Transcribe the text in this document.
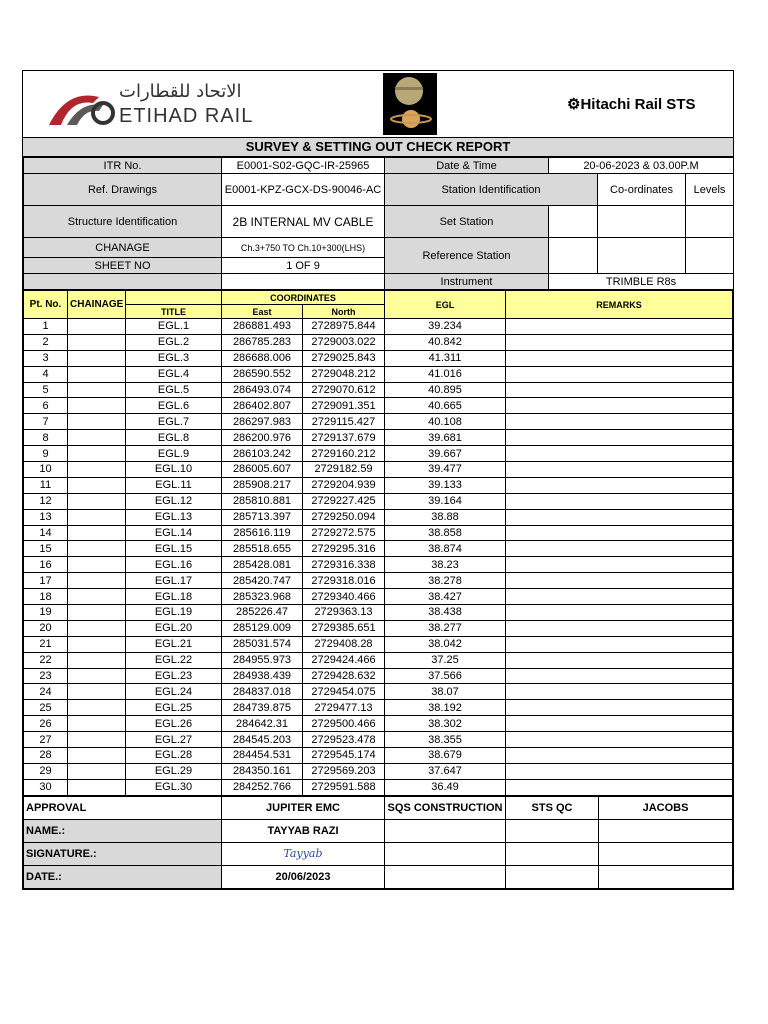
الاتحاد للقطارات
ETIHAD RAIL
⚙Hitachi Rail STS
SURVEY & SETTING OUT CHECK REPORT
ITR No.	E0001-S02-GQC-IR-25965	Date & Time	20-06-2023 & 03.00P.M		
Ref. Drawings	E0001-KPZ-GCX-DS-90046-AC	Station Identification		Co-ordinates	Levels
Structure Identification	2B INTERNAL MV CABLE	Set Station			
CHANAGE	Ch.3+750 TO Ch.10+300(LHS)	Reference Station			
SHEET NO	1 OF 9				
		Instrument	TRIMBLE R8s		
Pt. No.	CHAINAGE		COORDINATES		EGL	REMARKS
		TITLE	East	North		
1		EGL.1	286881.493	2728975.844	39.234	
2		EGL.2	286785.283	2729003.022	40.842	
3		EGL.3	286688.006	2729025.843	41.311	
4		EGL.4	286590.552	2729048.212	41.016	
5		EGL.5	286493.074	2729070.612	40.895	
6		EGL.6	286402.807	2729091.351	40.665	
7		EGL.7	286297.983	2729115.427	40.108	
8		EGL.8	286200.976	2729137.679	39.681	
9		EGL.9	286103.242	2729160.212	39.667	
10		EGL.10	286005.607	2729182.59	39.477	
11		EGL.11	285908.217	2729204.939	39.133	
12		EGL.12	285810.881	2729227.425	39.164	
13		EGL.13	285713.397	2729250.094	38.88	
14		EGL.14	285616.119	2729272.575	38.858	
15		EGL.15	285518.655	2729295.316	38.874	
16		EGL.16	285428.081	2729316.338	38.23	
17		EGL.17	285420.747	2729318.016	38.278	
18		EGL.18	285323.968	2729340.466	38.427	
19		EGL.19	285226.47	2729363.13	38.438	
20		EGL.20	285129.009	2729385.651	38.277	
21		EGL.21	285031.574	2729408.28	38.042	
22		EGL.22	284955.973	2729424.466	37.25	
23		EGL.23	284938.439	2729428.632	37.566	
24		EGL.24	284837.018	2729454.075	38.07	
25		EGL.25	284739.875	2729477.13	38.192	
26		EGL.26	284642.31	2729500.466	38.302	
27		EGL.27	284545.203	2729523.478	38.355	
28		EGL.28	284454.531	2729545.174	38.679	
29		EGL.29	284350.161	2729569.203	37.647	
30		EGL.30	284252.766	2729591.588	36.49	
APPROVAL	JUPITER EMC	SQS CONSTRUCTION	STS QC	JACOBS
NAME.:	TAYYAB RAZI			
SIGNATURE.:	Tayyab			
DATE.:	20/06/2023			
